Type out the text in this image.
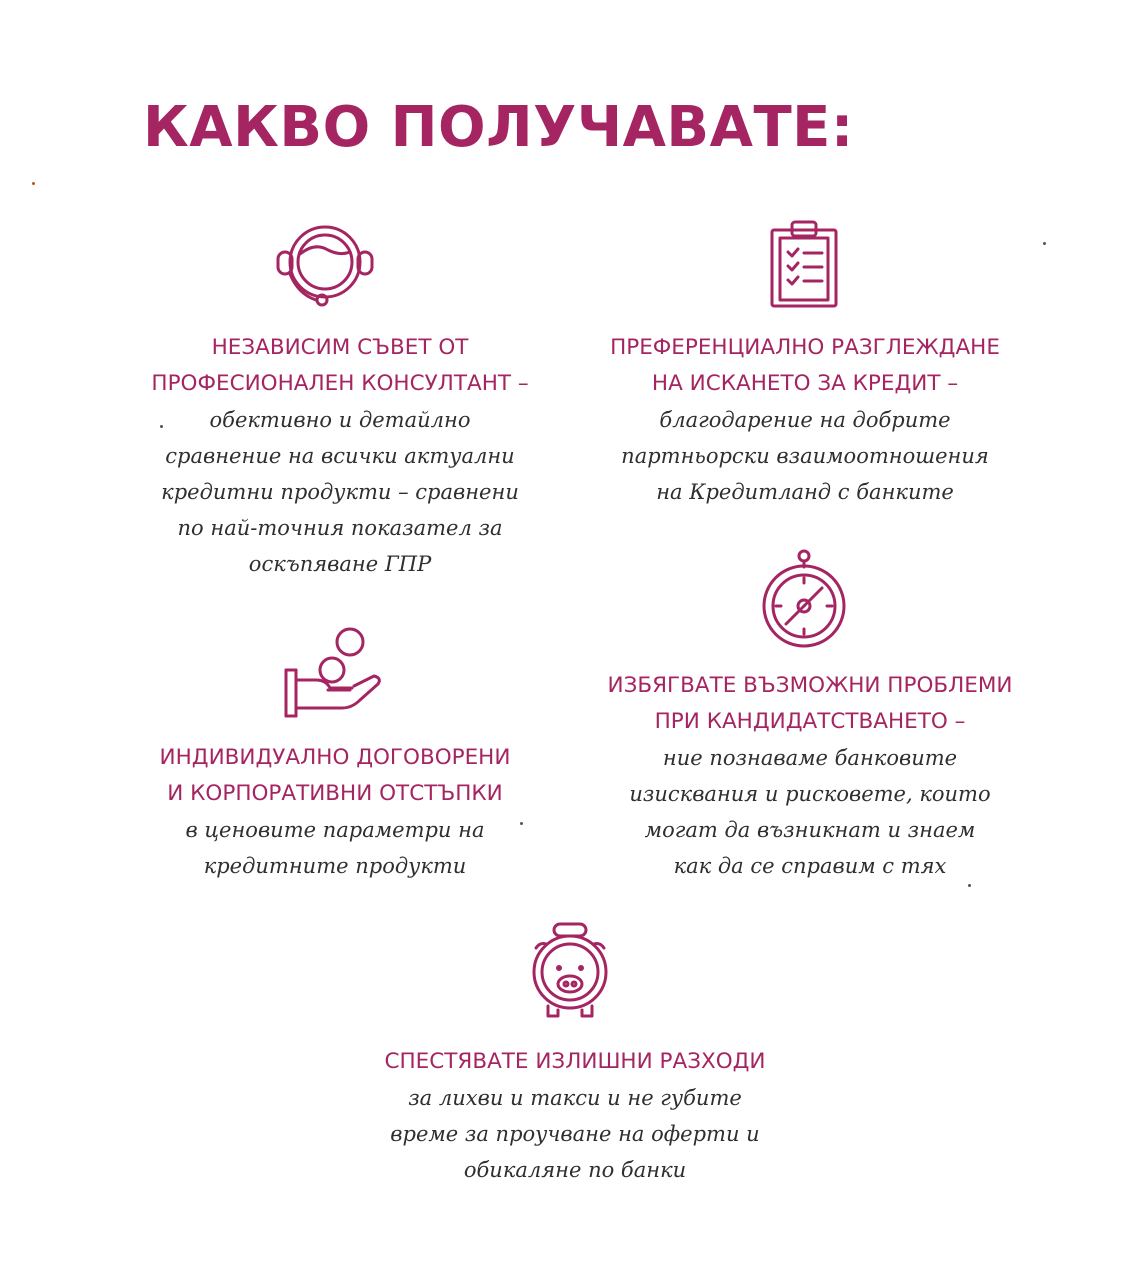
КАКВО ПОЛУЧАВАТЕ:

НЕЗАВИСИМ СЪВЕТ ОТ
ПРОФЕСИОНАЛЕН КОНСУЛТАНТ –

обективно и детайлно
сравнение на всички актуални
кредитни продукти – сравнени
по най-точния показател за
оскъпяване ГПР

ПРЕФЕРЕНЦИАЛНО РАЗГЛЕЖДАНЕ
НА ИСКАНЕТО ЗА КРЕДИТ –

благодарение на добрите
партньорски взаимоотношения
на Кредитланд с банките

ИНДИВИДУАЛНО ДОГОВОРЕНИ
И КОРПОРАТИВНИ ОТСТЪПКИ

в ценовите параметри на
кредитните продукти

ИЗБЯГВАТЕ ВЪЗМОЖНИ ПРОБЛЕМИ
ПРИ КАНДИДАТСТВАНЕТО –

ние познаваме банковите
изисквания и рисковете, които
могат да възникнат и знаем
как да се справим с тях

СПЕСТЯВАТЕ ИЗЛИШНИ РАЗХОДИ

за лихви и такси и не губите
време за проучване на оферти и
обикаляне по банки
